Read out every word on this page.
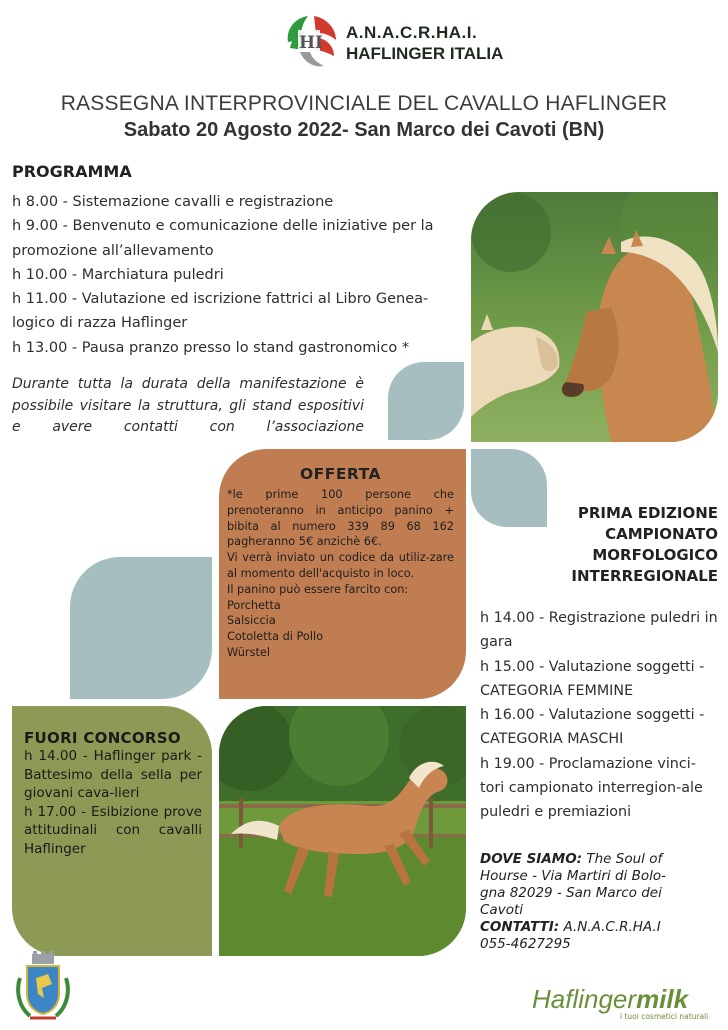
HI
A.N.A.C.R.HA.I.
HAFLINGER ITALIA
RASSEGNA INTERPROVINCIALE DEL CAVALLO HAFLINGER
Sabato 20 Agosto 2022- San Marco dei Cavoti (BN)
PROGRAMMA
h 8.00 - Sistemazione cavalli e registrazione
h 9.00 - Benvenuto e comunicazione delle iniziative per la promozione all’allevamento
h 10.00 - Marchiatura puledri
h 11.00 - Valutazione ed iscrizione fattrici al Libro Genea-logico di razza Haflinger
h 13.00 - Pausa pranzo presso lo stand gastronomico *
Durante tutta la durata della manifestazione è possibile visitare la struttura, gli stand espositivi e avere contatti con l’associazione
OFFERTA
*le prime 100 persone che prenoteranno in anticipo panino + bibita al numero 339 89 68 162 pagheranno 5€ anzichè 6€.
Vi verrà inviato un codice da utiliz-zare al momento dell'acquisto in loco.
Il panino può essere farcito con:
Porchetta
Salsiccia
Cotoletta di Pollo
Würstel
PRIMA EDIZIONE
CAMPIONATO
MORFOLOGICO
INTERREGIONALE
h 14.00 - Registrazione puledri in gara
h 15.00 - Valutazione soggetti - CATEGORIA FEMMINE
h 16.00 - Valutazione soggetti - CATEGORIA MASCHI
h 19.00 - Proclamazione vinci-tori campionato interregion-ale puledri e premiazioni
FUORI CONCORSO
h 14.00 - Haflinger park - Battesimo della sella per giovani cava-lieri
h 17.00 - Esibizione prove attitudinali con cavalli Haflinger
DOVE SIAMO: The Soul of Hourse - Via Martiri di Bolo-gna 82029 - San Marco dei Cavoti
CONTATTI: A.N.A.C.R.HA.I 055-4627295
Haflingermilk
i tuoi cosmetici naturali
